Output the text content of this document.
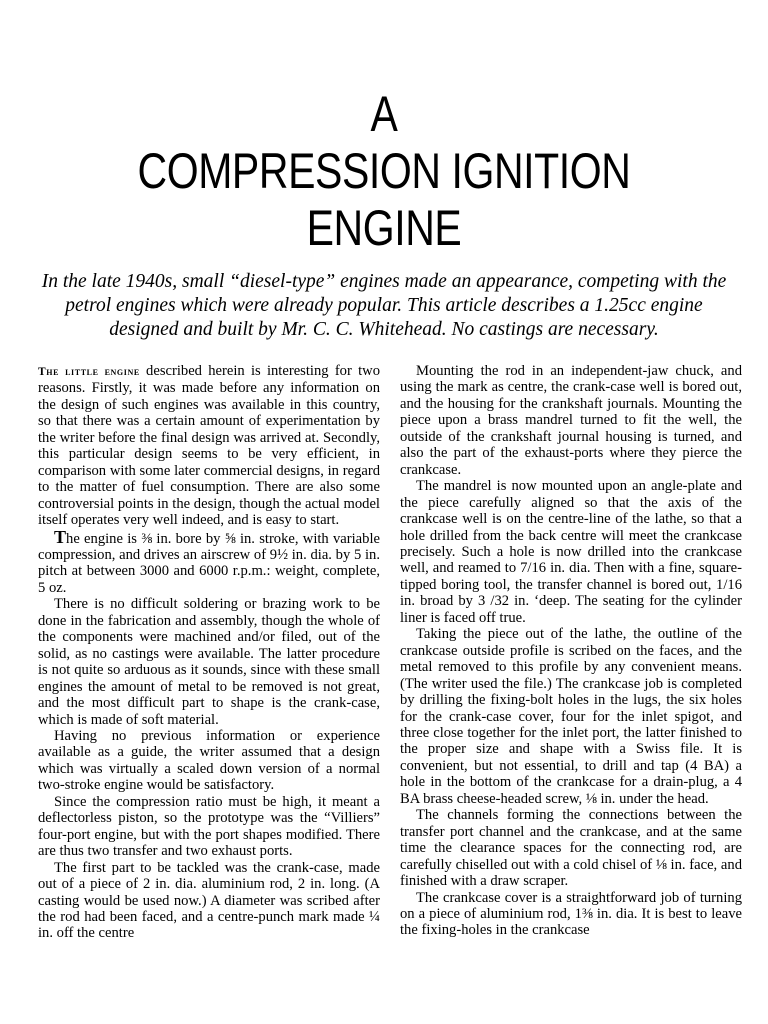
A
COMPRESSION IGNITION
ENGINE
In the late 1940s, small “diesel-type” engines made an appearance, competing with the petrol engines which were already popular. This article describes a 1.25cc engine designed and built by Mr. C. C. Whitehead. No castings are necessary.

The little engine described herein is interesting for two reasons. Firstly, it was made before any information on the design of such engines was available in this country, so that there was a certain amount of experimentation by the writer before the final design was arrived at. Secondly, this particular design seems to be very efficient, in comparison with some later commercial designs, in regard to the matter of fuel consumption. There are also some controversial points in the design, though the actual model itself operates very well indeed, and is easy to start.

The engine is ⅜ in. bore by ⅝ in. stroke, with variable compression, and drives an airscrew of 9½ in. dia. by 5 in. pitch at between 3000 and 6000 r.p.m.: weight, complete, 5 oz.

There is no difficult soldering or brazing work to be done in the fabrication and assembly, though the whole of the components were machined and/or filed, out of the solid, as no castings were available. The latter procedure is not quite so arduous as it sounds, since with these small engines the amount of metal to be removed is not great, and the most difficult part to shape is the crank-case, which is made of soft material.

Having no previous information or experience available as a guide, the writer assumed that a design which was virtually a scaled down version of a normal two-stroke engine would be satisfactory.

Since the compression ratio must be high, it meant a deflectorless piston, so the prototype was the “Villiers” four-port engine, but with the port shapes modified. There are thus two transfer and two exhaust ports.

The first part to be tackled was the crank-case, made out of a piece of 2 in. dia. aluminium rod, 2 in. long. (A casting would be used now.) A diameter was scribed after the rod had been faced, and a centre-punch mark made ¼ in. off the centre

Mounting the rod in an independent-jaw chuck, and using the mark as centre, the crank-case well is bored out, and the housing for the crankshaft journals. Mounting the piece upon a brass mandrel turned to fit the well, the outside of the crankshaft journal housing is turned, and also the part of the exhaust-ports where they pierce the crankcase.

The mandrel is now mounted upon an angle-plate and the piece carefully aligned so that the axis of the crankcase well is on the centre-line of the lathe, so that a hole drilled from the back centre will meet the crankcase precisely. Such a hole is now drilled into the crankcase well, and reamed to 7/16 in. dia. Then with a fine, square-tipped boring tool, the transfer channel is bored out, 1/16 in. broad by 3 /32 in. ‘deep. The seating for the cylinder liner is faced off true.

Taking the piece out of the lathe, the outline of the crankcase outside profile is scribed on the faces, and the metal removed to this profile by any convenient means. (The writer used the file.) The crankcase job is completed by drilling the fixing-bolt holes in the lugs, the six holes for the crank-case cover, four for the inlet spigot, and three close together for the inlet port, the latter finished to the proper size and shape with a Swiss file. It is convenient, but not essential, to drill and tap (4 BA) a hole in the bottom of the crankcase for a drain-plug, a 4 BA brass cheese-headed screw, ⅛ in. under the head.

The channels forming the connections between the transfer port channel and the crankcase, and at the same time the clearance spaces for the connecting rod, are carefully chiselled out with a cold chisel of ⅛ in. face, and finished with a draw scraper.

The crankcase cover is a straightforward job of turning on a piece of aluminium rod, 1⅜ in. dia. It is best to leave the fixing-holes in the crankcase
